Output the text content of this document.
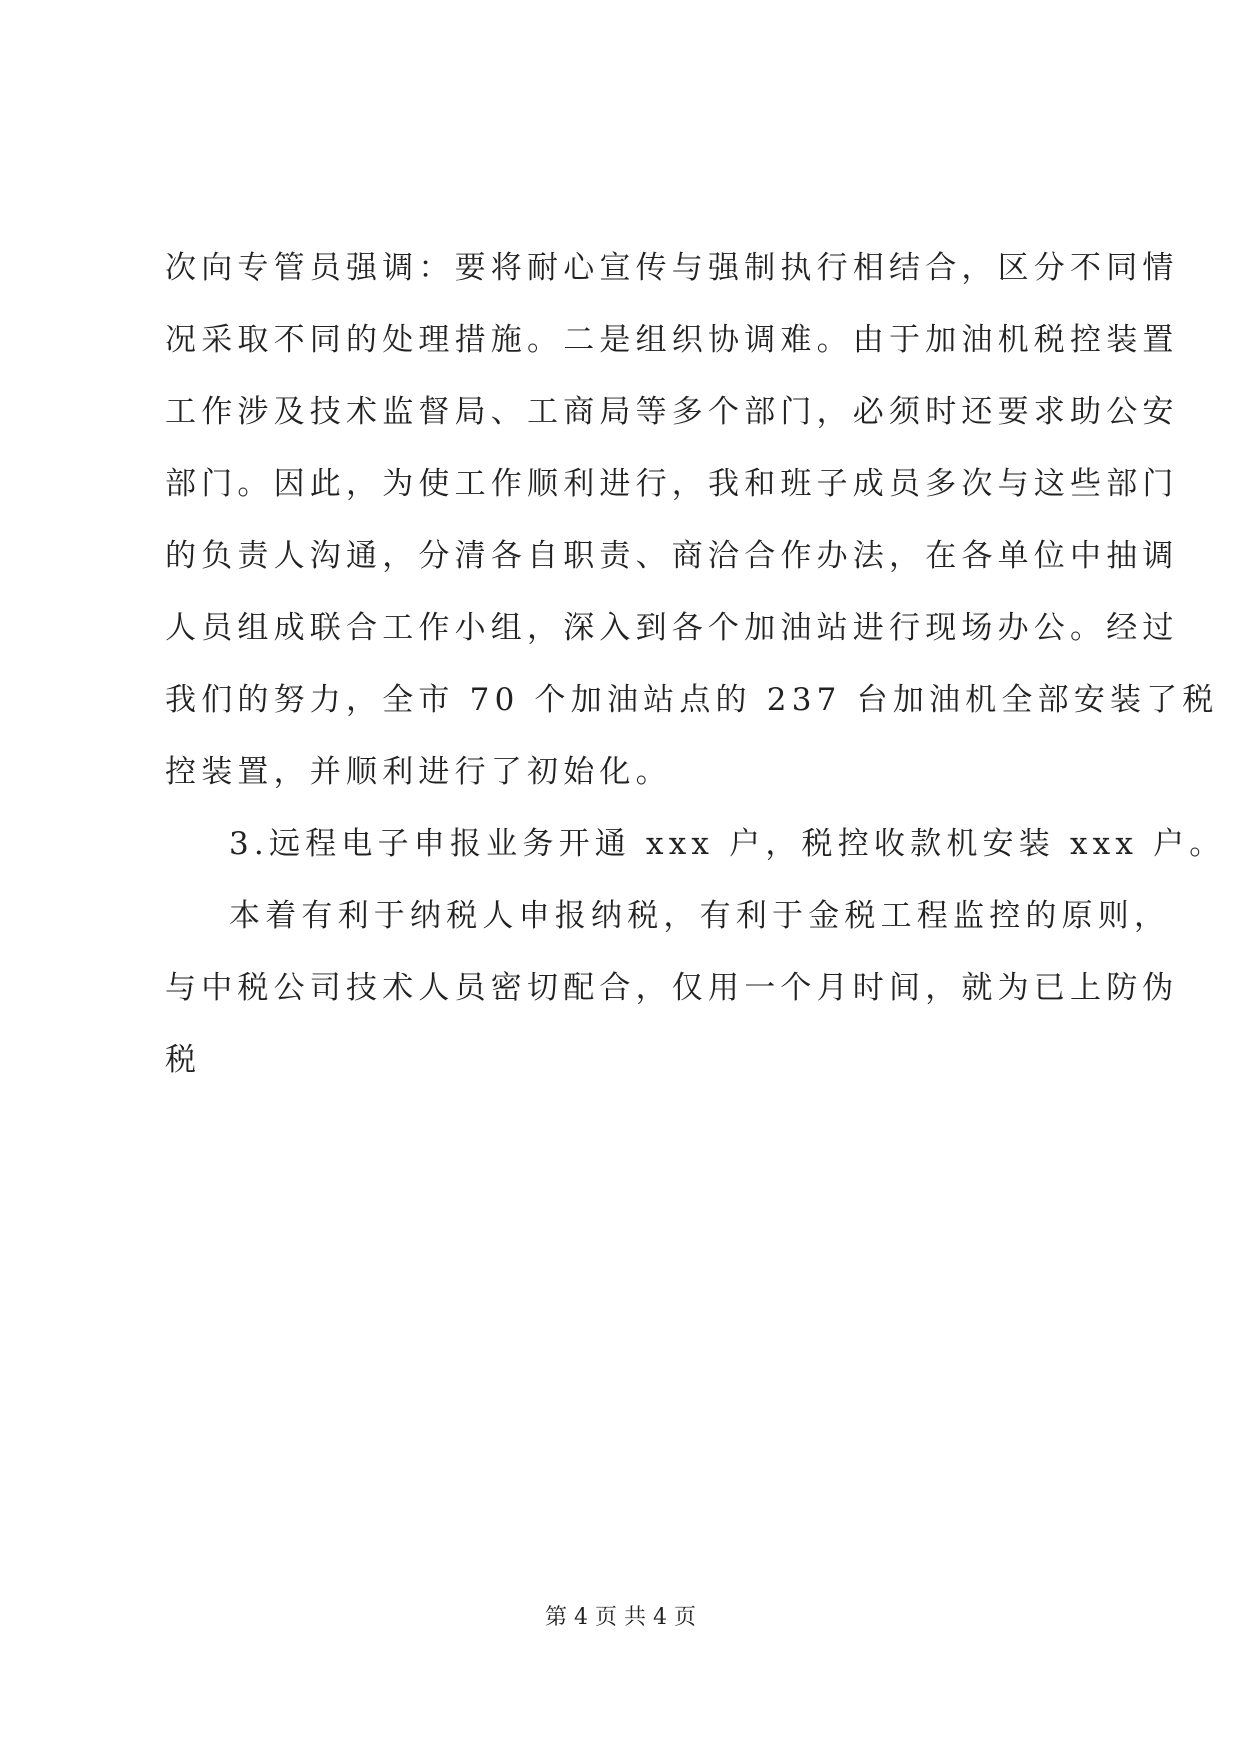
次向专管员强调：要将耐心宣传与强制执行相结合，区分不同情
况采取不同的处理措施。二是组织协调难。由于加油机税控装置
工作涉及技术监督局、工商局等多个部门，必须时还要求助公安
部门。因此，为使工作顺利进行，我和班子成员多次与这些部门
的负责人沟通，分清各自职责、商洽合作办法，在各单位中抽调
人员组成联合工作小组，深入到各个加油站进行现场办公。经过
我们的努力，全市 70 个加油站点的 237 台加油机全部安装了税
控装置，并顺利进行了初始化。
3.远程电子申报业务开通 xxx 户，税控收款机安装 xxx 户。
本着有利于纳税人申报纳税，有利于金税工程监控的原则，
与中税公司技术人员密切配合，仅用一个月时间，就为已上防伪
税
第 4 页 共 4 页
